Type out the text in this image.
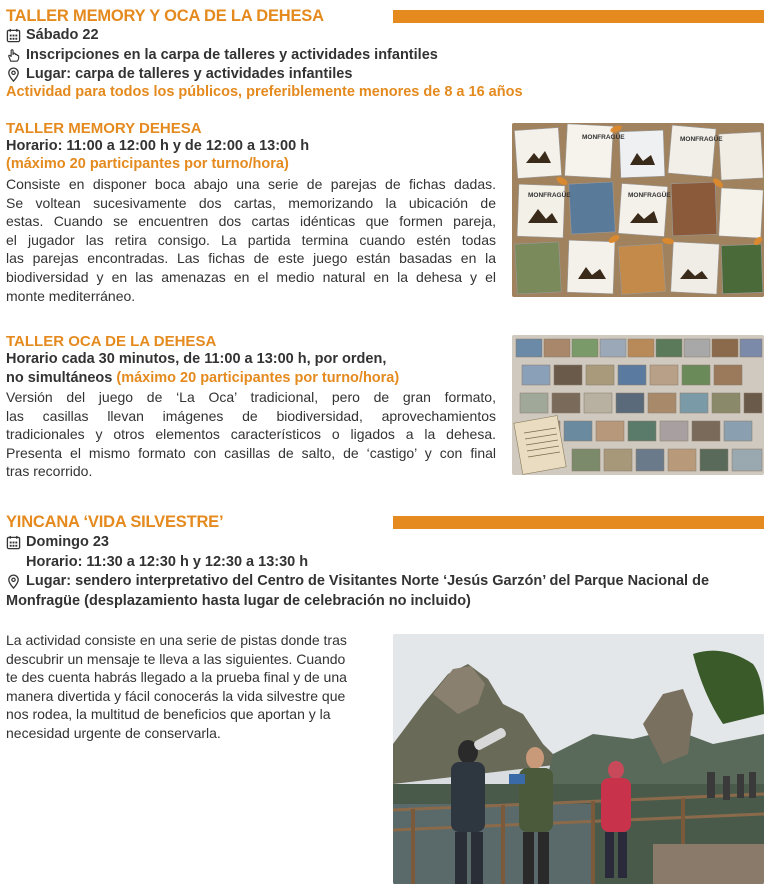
TALLER MEMORY Y OCA DE LA DEHESA
Sábado 22
Inscripciones en la carpa de talleres y actividades infantiles
Lugar: carpa de talleres y actividades infantiles
Actividad para todos los públicos, preferiblemente menores de 8 a 16 años
TALLER MEMORY DEHESA
Horario: 11:00 a 12:00 h y de 12:00 a 13:00 h
(máximo 20 participantes por turno/hora)
Consiste en disponer boca abajo una serie de parejas de fichas dadas.
Se voltean sucesivamente dos cartas, memorizando la ubicación de
estas. Cuando se encuentren dos cartas idénticas que formen pareja,
el jugador las retira consigo. La partida termina cuando estén todas
las parejas encontradas. Las fichas de este juego están basadas en la
biodiversidad y en las amenazas en el medio natural en la dehesa y el
monte mediterráneo.
MONFRAGÜE	MONFRAGÜE
MONFRAGÜE	MONFRAGÜE
TALLER OCA DE LA DEHESA
Horario cada 30 minutos, de 11:00 a 13:00 h, por orden,
no simultáneos (máximo 20 participantes por turno/hora)
Versión del juego de ‘La Oca’ tradicional, pero de gran formato,
las casillas llevan imágenes de biodiversidad, aprovechamientos
tradicionales y otros elementos característicos o ligados a la dehesa.
Presenta el mismo formato con casillas de salto, de ‘castigo’ y con final
tras recorrido.
YINCANA ‘VIDA SILVESTRE’
Domingo 23
Horario: 11:30 a 12:30 h y 12:30 a 13:30 h
Lugar: sendero interpretativo del Centro de Visitantes Norte ‘Jesús Garzón’ del Parque Nacional de
Monfragüe (desplazamiento hasta lugar de celebración no incluido)
La actividad consiste en una serie de pistas donde tras
descubrir un mensaje te lleva a las siguientes. Cuando
te des cuenta habrás llegado a la prueba final y de una
manera divertida y fácil conocerás la vida silvestre que
nos rodea, la multitud de beneficios que aportan y la
necesidad urgente de conservarla.
